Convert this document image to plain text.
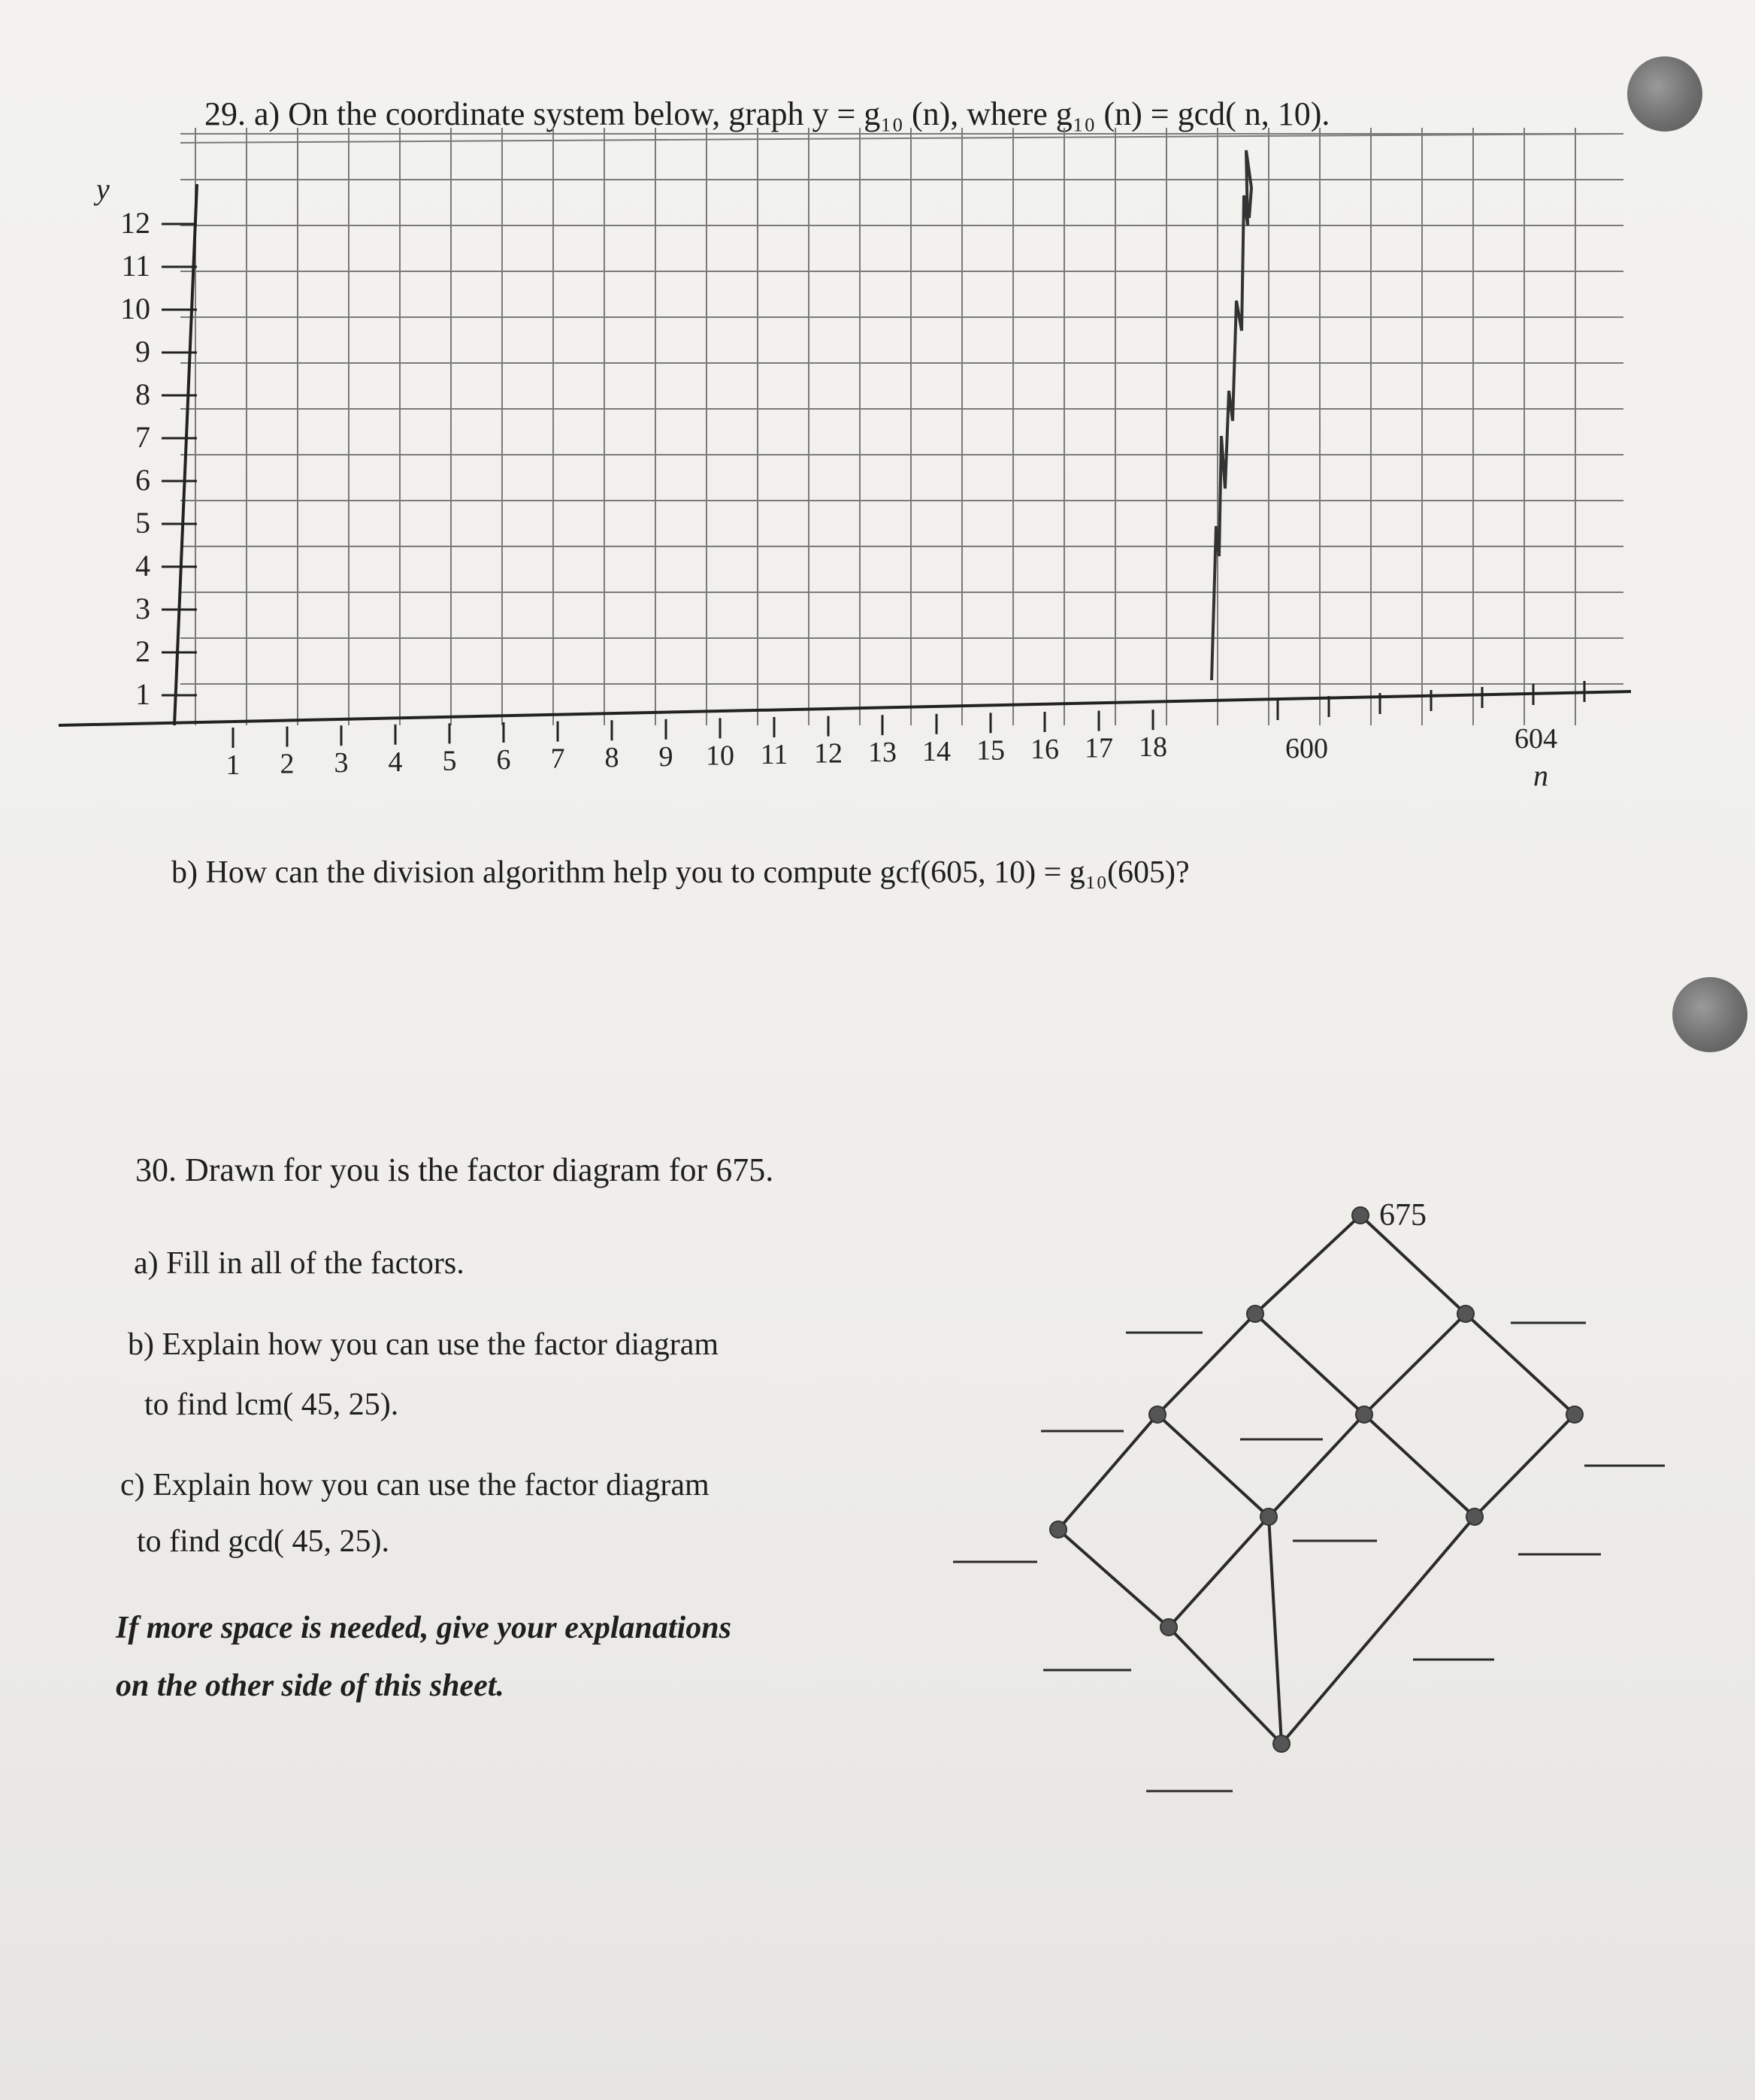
29. a) On the coordinate system below, graph y = g₁₀ (n), where g₁₀ (n) = gcd( n, 10).
12
11
10
9
8
7
6
5
4
3
2
1
1 2 3 4 5 6 7 8 9 10 11 12 13 14 15 16 17 18
y
n
600	604
b) How can the division algorithm help you to compute gcf(605, 10) = g₁₀(605)?
30. Drawn for you is the factor diagram for 675.
a) Fill in all of the factors.
b) Explain how you can use the factor diagram
to find lcm( 45, 25).
c) Explain how you can use the factor diagram
to find gcd( 45, 25).
If more space is needed, give your explanations
on the other side of this sheet.
675
